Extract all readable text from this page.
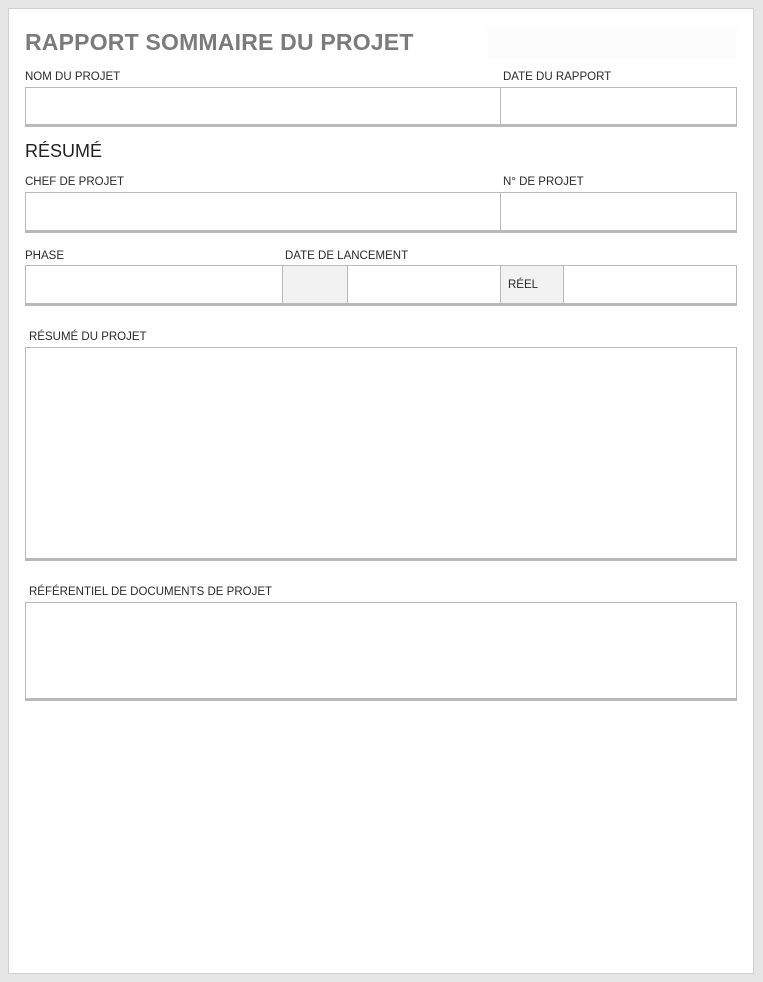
RAPPORT SOMMAIRE DU PROJET
NOM DU PROJET	DATE DU RAPPORT
RÉSUMÉ
CHEF DE PROJET	N° DE PROJET
PHASE	DATE DE LANCEMENT
RÉEL
RÉSUMÉ DU PROJET
RÉFÉRENTIEL DE DOCUMENTS DE PROJET
